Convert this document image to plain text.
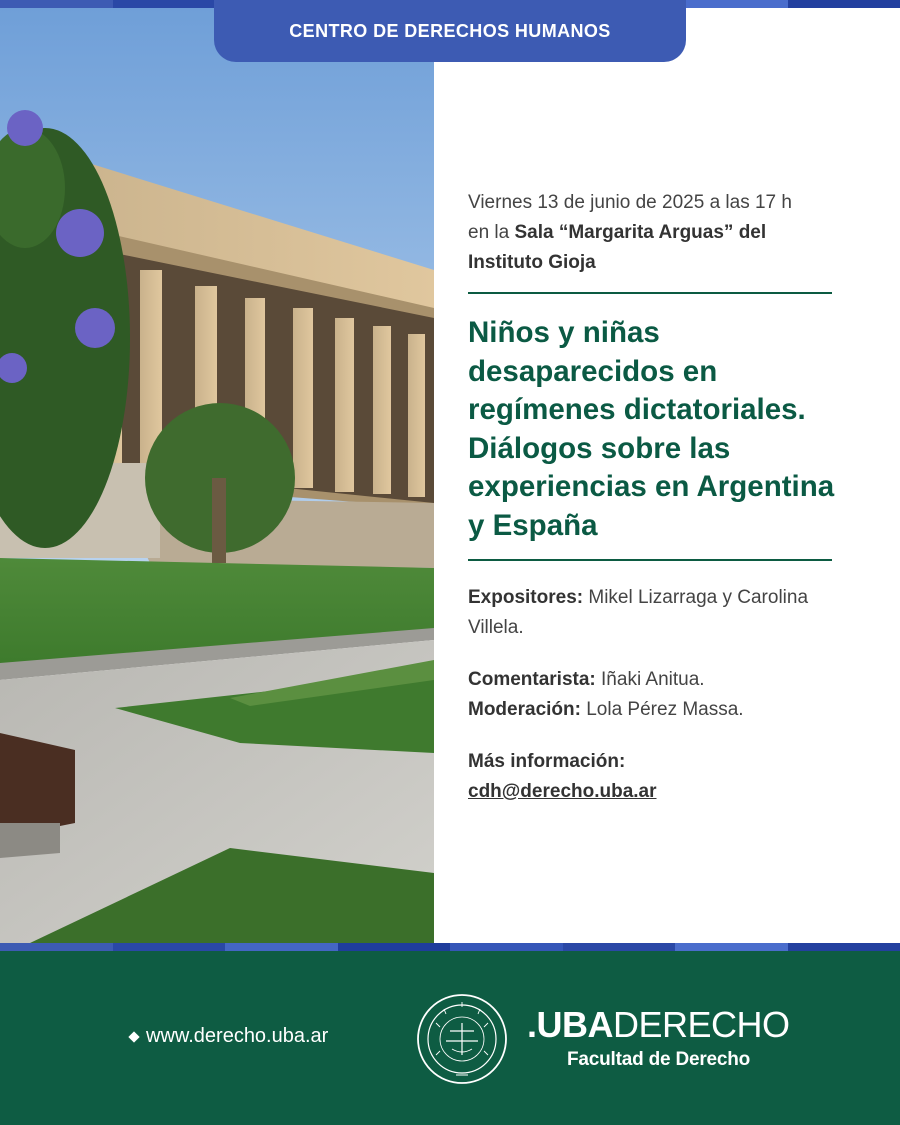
CENTRO DE DERECHOS HUMANOS
Viernes 13 de junio de 2025 a las 17 h
en la Sala “Margarita Arguas” del Instituto Gioja
Niños y niñas desaparecidos en regímenes dictatoriales. Diálogos sobre las experiencias en Argentina y España
Expositores: Mikel Lizarraga y Carolina Villela.
Comentarista: Iñaki Anitua.
Moderación: Lola Pérez Massa.
Más información:
cdh@derecho.uba.ar
www.derecho.uba.ar	.UBADERECHO
Facultad de Derecho
